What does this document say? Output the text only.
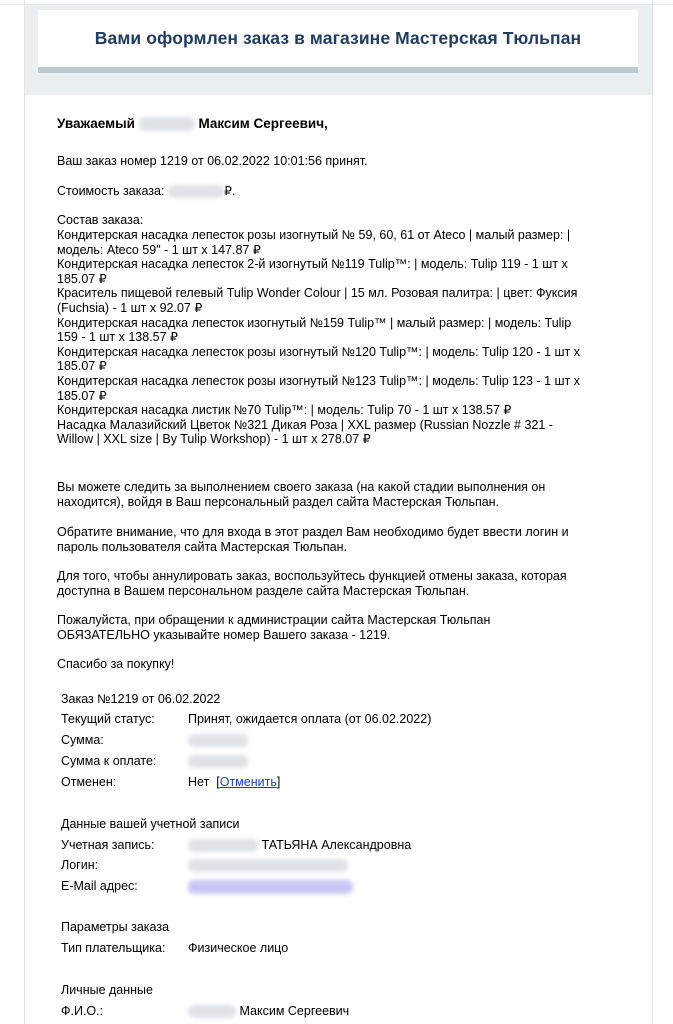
Вами оформлен заказ в магазине Мастерская Тюльпан
Уважаемый	Максим Сергеевич,
Ваш заказ номер 1219 от 06.02.2022 10:01:56 принят.
Стоимость заказа:	₽.
Состав заказа:
Кондитерская насадка лепесток розы изогнутый № 59, 60, 61 от Ateco | малый размер: |
модель: Ateco 59" - 1 шт x 147.87 ₽
Кондитерская насадка лепесток 2-й изогнутый №119 Tulip™: | модель: Tulip 119 - 1 шт x
185.07 ₽
Краситель пищевой гелевый Tulip Wonder Colour | 15 мл. Розовая палитра: | цвет: Фуксия
(Fuchsia) - 1 шт x 92.07 ₽
Кондитерская насадка лепесток изогнутый №159 Tulip™ | малый размер: | модель: Tulip
159 - 1 шт x 138.57 ₽
Кондитерская насадка лепесток розы изогнутый №120 Tulip™: | модель: Tulip 120 - 1 шт x
185.07 ₽
Кондитерская насадка лепесток розы изогнутый №123 Tulip™: | модель: Tulip 123 - 1 шт x
185.07 ₽
Кондитерская насадка листик №70 Tulip™: | модель: Tulip 70 - 1 шт x 138.57 ₽
Насадка Малазийский Цветок №321 Дикая Роза | XXL размер (Russian Nozzle # 321 -
Willow | XXL size | By Tulip Workshop) - 1 шт x 278.07 ₽
Вы можете следить за выполнением своего заказа (на какой стадии выполнения он
находится), войдя в Ваш персональный раздел сайта Мастерская Тюльпан.
Обратите внимание, что для входа в этот раздел Вам необходимо будет ввести логин и
пароль пользователя сайта Мастерская Тюльпан.
Для того, чтобы аннулировать заказ, воспользуйтесь функцией отмены заказа, которая
доступна в Вашем персональном разделе сайта Мастерская Тюльпан.
Пожалуйста, при обращении к администрации сайта Мастерская Тюльпан
ОБЯЗАТЕЛЬНО указывайте номер Вашего заказа - 1219.
Спасибо за покупку!
Заказ №1219 от 06.02.2022
Текущий статус:	Принят, ожидается оплата (от 06.02.2022)
Сумма:
Сумма к оплате:
Отменен:	Нет  [Отменить]
Данные вашей учетной записи
Учетная запись:	ТАТЬЯНА Александровна
Логин:
E-Mail адрес:
Параметры заказа
Тип плательщика: Физическое лицо
Личные данные
Ф.И.О.:	Максим Сергеевич
